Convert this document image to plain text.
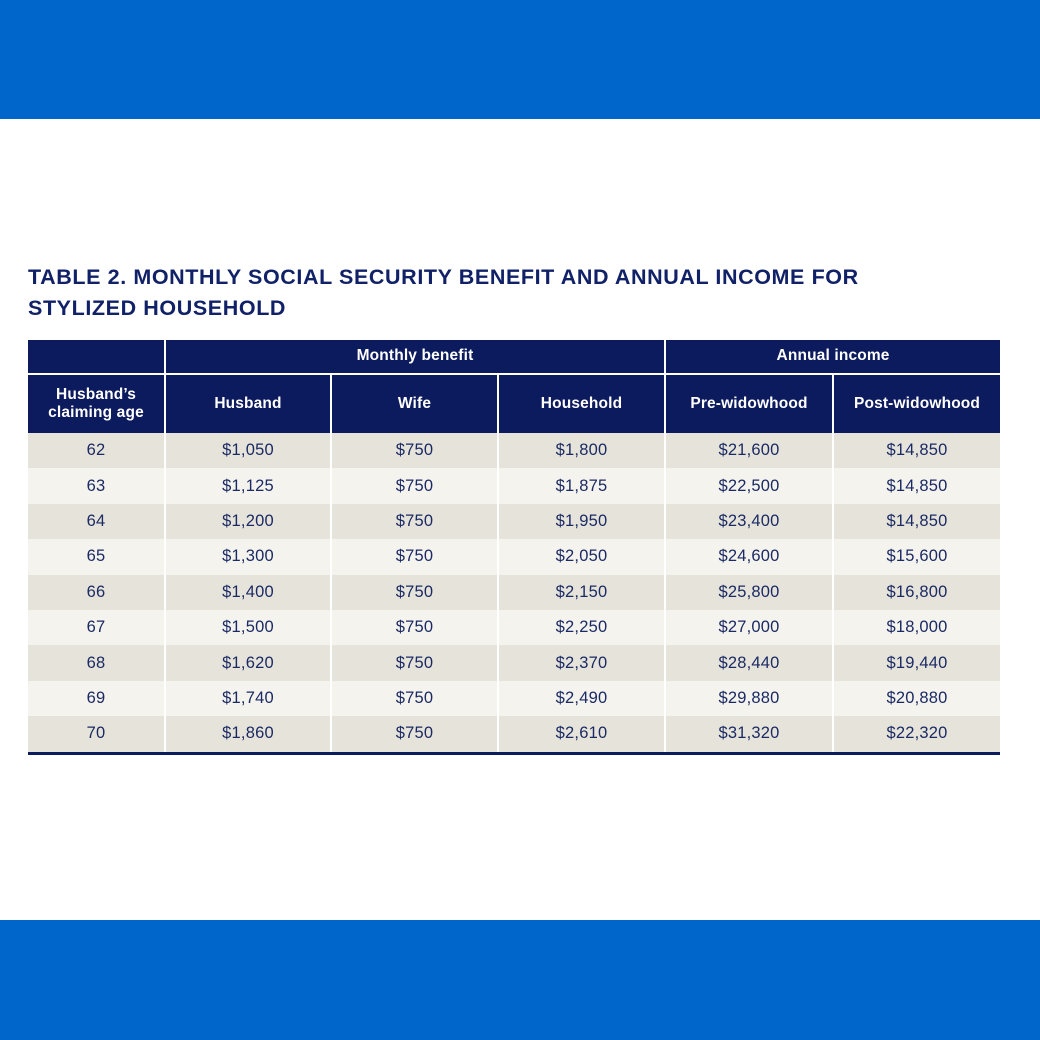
TABLE 2. MONTHLY SOCIAL SECURITY BENEFIT AND ANNUAL INCOME FOR STYLIZED HOUSEHOLD
	Monthly benefit			Annual income	
Husband’s
claiming age	Husband	Wife	Household	Pre-widowhood	Post-widowhood
62	$1,050	$750	$1,800	$21,600	$14,850
63	$1,125	$750	$1,875	$22,500	$14,850
64	$1,200	$750	$1,950	$23,400	$14,850
65	$1,300	$750	$2,050	$24,600	$15,600
66	$1,400	$750	$2,150	$25,800	$16,800
67	$1,500	$750	$2,250	$27,000	$18,000
68	$1,620	$750	$2,370	$28,440	$19,440
69	$1,740	$750	$2,490	$29,880	$20,880
70	$1,860	$750	$2,610	$31,320	$22,320
